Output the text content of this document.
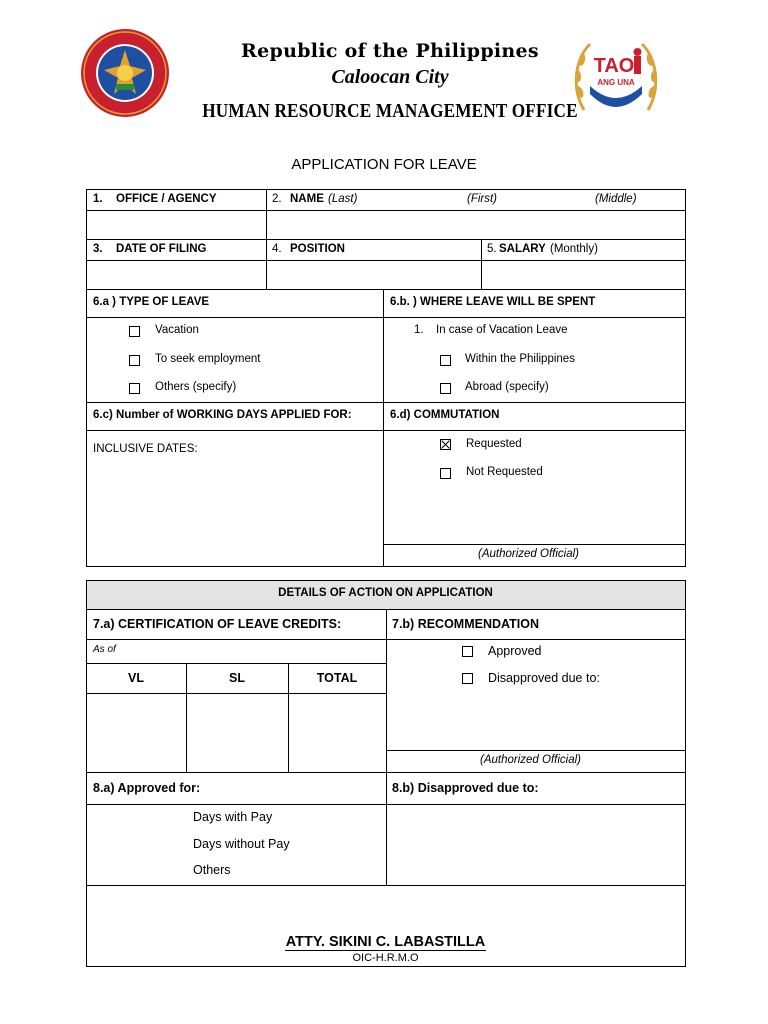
TAO
ANG UNA
Republic of the Philippines
Caloocan City
HUMAN RESOURCE MANAGEMENT OFFICE
APPLICATION FOR LEAVE
1. OFFICE / AGENCY	2. NAME (Last)	(First)	(Middle)
3. DATE OF FILING	4. POSITION	5. SALARY (Monthly)
6.a ) TYPE OF LEAVE	6.b. ) WHERE LEAVE WILL BE SPENT
Vacation
To seek employment
Others (specify)
1. In case of Vacation Leave
Within the Philippines
Abroad (specify)
6.c) Number of WORKING DAYS APPLIED FOR:	6.d) COMMUTATION
INCLUSIVE DATES:	Requested
Not Requested
(Authorized Official)
DETAILS OF ACTION ON APPLICATION
7.a) CERTIFICATION OF LEAVE CREDITS:	7.b) RECOMMENDATION
As of
VL	SL	TOTAL
Approved
Disapproved due to:
(Authorized Official)
8.a) Approved for:	8.b) Disapproved due to:
Days with Pay
Days without Pay
Others
ATTY. SIKINI C. LABASTILLA
OIC-H.R.M.O
